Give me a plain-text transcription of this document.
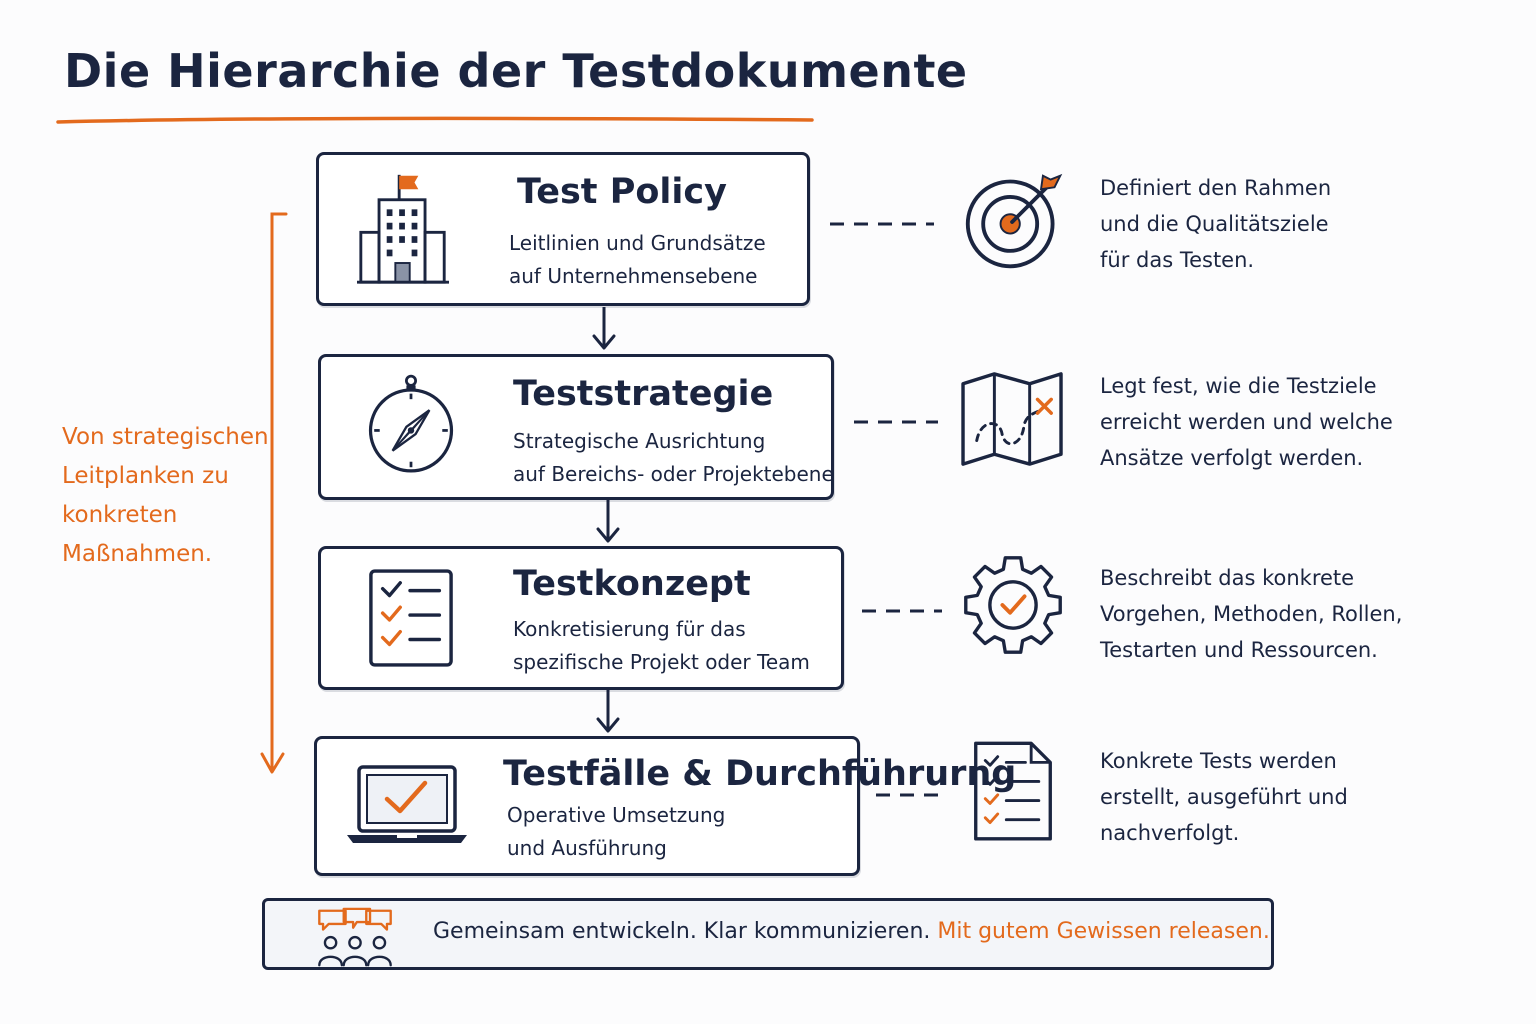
Die Hierarchie der Testdokumente
Von strategischen Leitplanken zu konkreten Maßnahmen.
Test Policy
Leitlinien und Grundsätze
auf Unternehmensebene
Teststrategie
Strategische Ausrichtung
auf Bereichs- oder Projektebene
Testkonzept
Konkretisierung für das
spezifische Projekt oder Team
Testfälle & Durchführurng
Operative Umsetzung
und Ausführung
Definiert den Rahmen
und die Qualitätsziele
für das Testen.
Legt fest, wie die Testziele
erreicht werden und welche
Ansätze verfolgt werden.
Beschreibt das konkrete
Vorgehen, Methoden, Rollen,
Testarten und Ressourcen.
Konkrete Tests werden
erstellt, ausgeführt und
nachverfolgt.
Gemeinsam entwickeln. Klar kommunizieren. Mit gutem Gewissen releasen.
